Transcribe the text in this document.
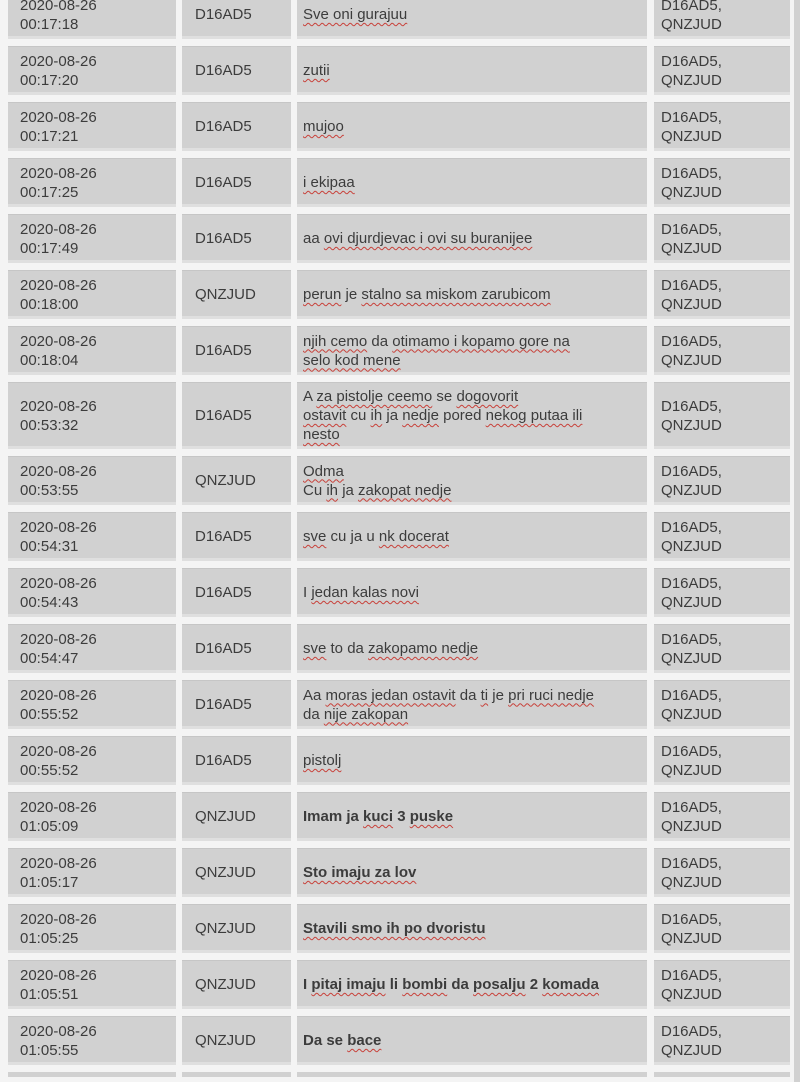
2020-08-26
00:17:18
D16AD5	Sve oni gurajuu
D16AD5,
QNZJUD
2020-08-26
00:17:20
D16AD5	zutii
D16AD5,
QNZJUD
2020-08-26
00:17:21
D16AD5	mujoo
D16AD5,
QNZJUD
2020-08-26
00:17:25
D16AD5	i ekipaa
D16AD5,
QNZJUD
2020-08-26
00:17:49
D16AD5	aa ovi djurdjevac i ovi su buranijee
D16AD5,
QNZJUD
2020-08-26
00:18:00
QNZJUD	perun je stalno sa miskom zarubicom
D16AD5,
QNZJUD
2020-08-26
00:18:04
D16AD5
njih cemo da otimamo i kopamo gore na
selo kod mene
D16AD5,
QNZJUD
2020-08-26
00:53:32
D16AD5
A za pistolje ceemo se dogovorit
ostavit cu ih ja nedje pored nekog putaa ili
nesto
D16AD5,
QNZJUD
2020-08-26
00:53:55
QNZJUD
Odma
Cu ih ja zakopat nedje
D16AD5,
QNZJUD
2020-08-26
00:54:31
D16AD5	sve cu ja u nk docerat
D16AD5,
QNZJUD
2020-08-26
00:54:43
D16AD5	I jedan kalas novi
D16AD5,
QNZJUD
2020-08-26
00:54:47
D16AD5	sve to da zakopamo nedje
D16AD5,
QNZJUD
2020-08-26
00:55:52
D16AD5
Aa moras jedan ostavit da ti je pri ruci nedje
da nije zakopan
D16AD5,
QNZJUD
2020-08-26
00:55:52
D16AD5	pistolj
D16AD5,
QNZJUD
2020-08-26
01:05:09
QNZJUD	Imam ja kuci 3 puske
D16AD5,
QNZJUD
2020-08-26
01:05:17
QNZJUD	Sto imaju za lov
D16AD5,
QNZJUD
2020-08-26
01:05:25
QNZJUD	Stavili smo ih po dvoristu
D16AD5,
QNZJUD
2020-08-26
01:05:51
QNZJUD	I pitaj imaju li bombi da posalju 2 komada
D16AD5,
QNZJUD
2020-08-26
01:05:55
QNZJUD	Da se bace
D16AD5,
QNZJUD
